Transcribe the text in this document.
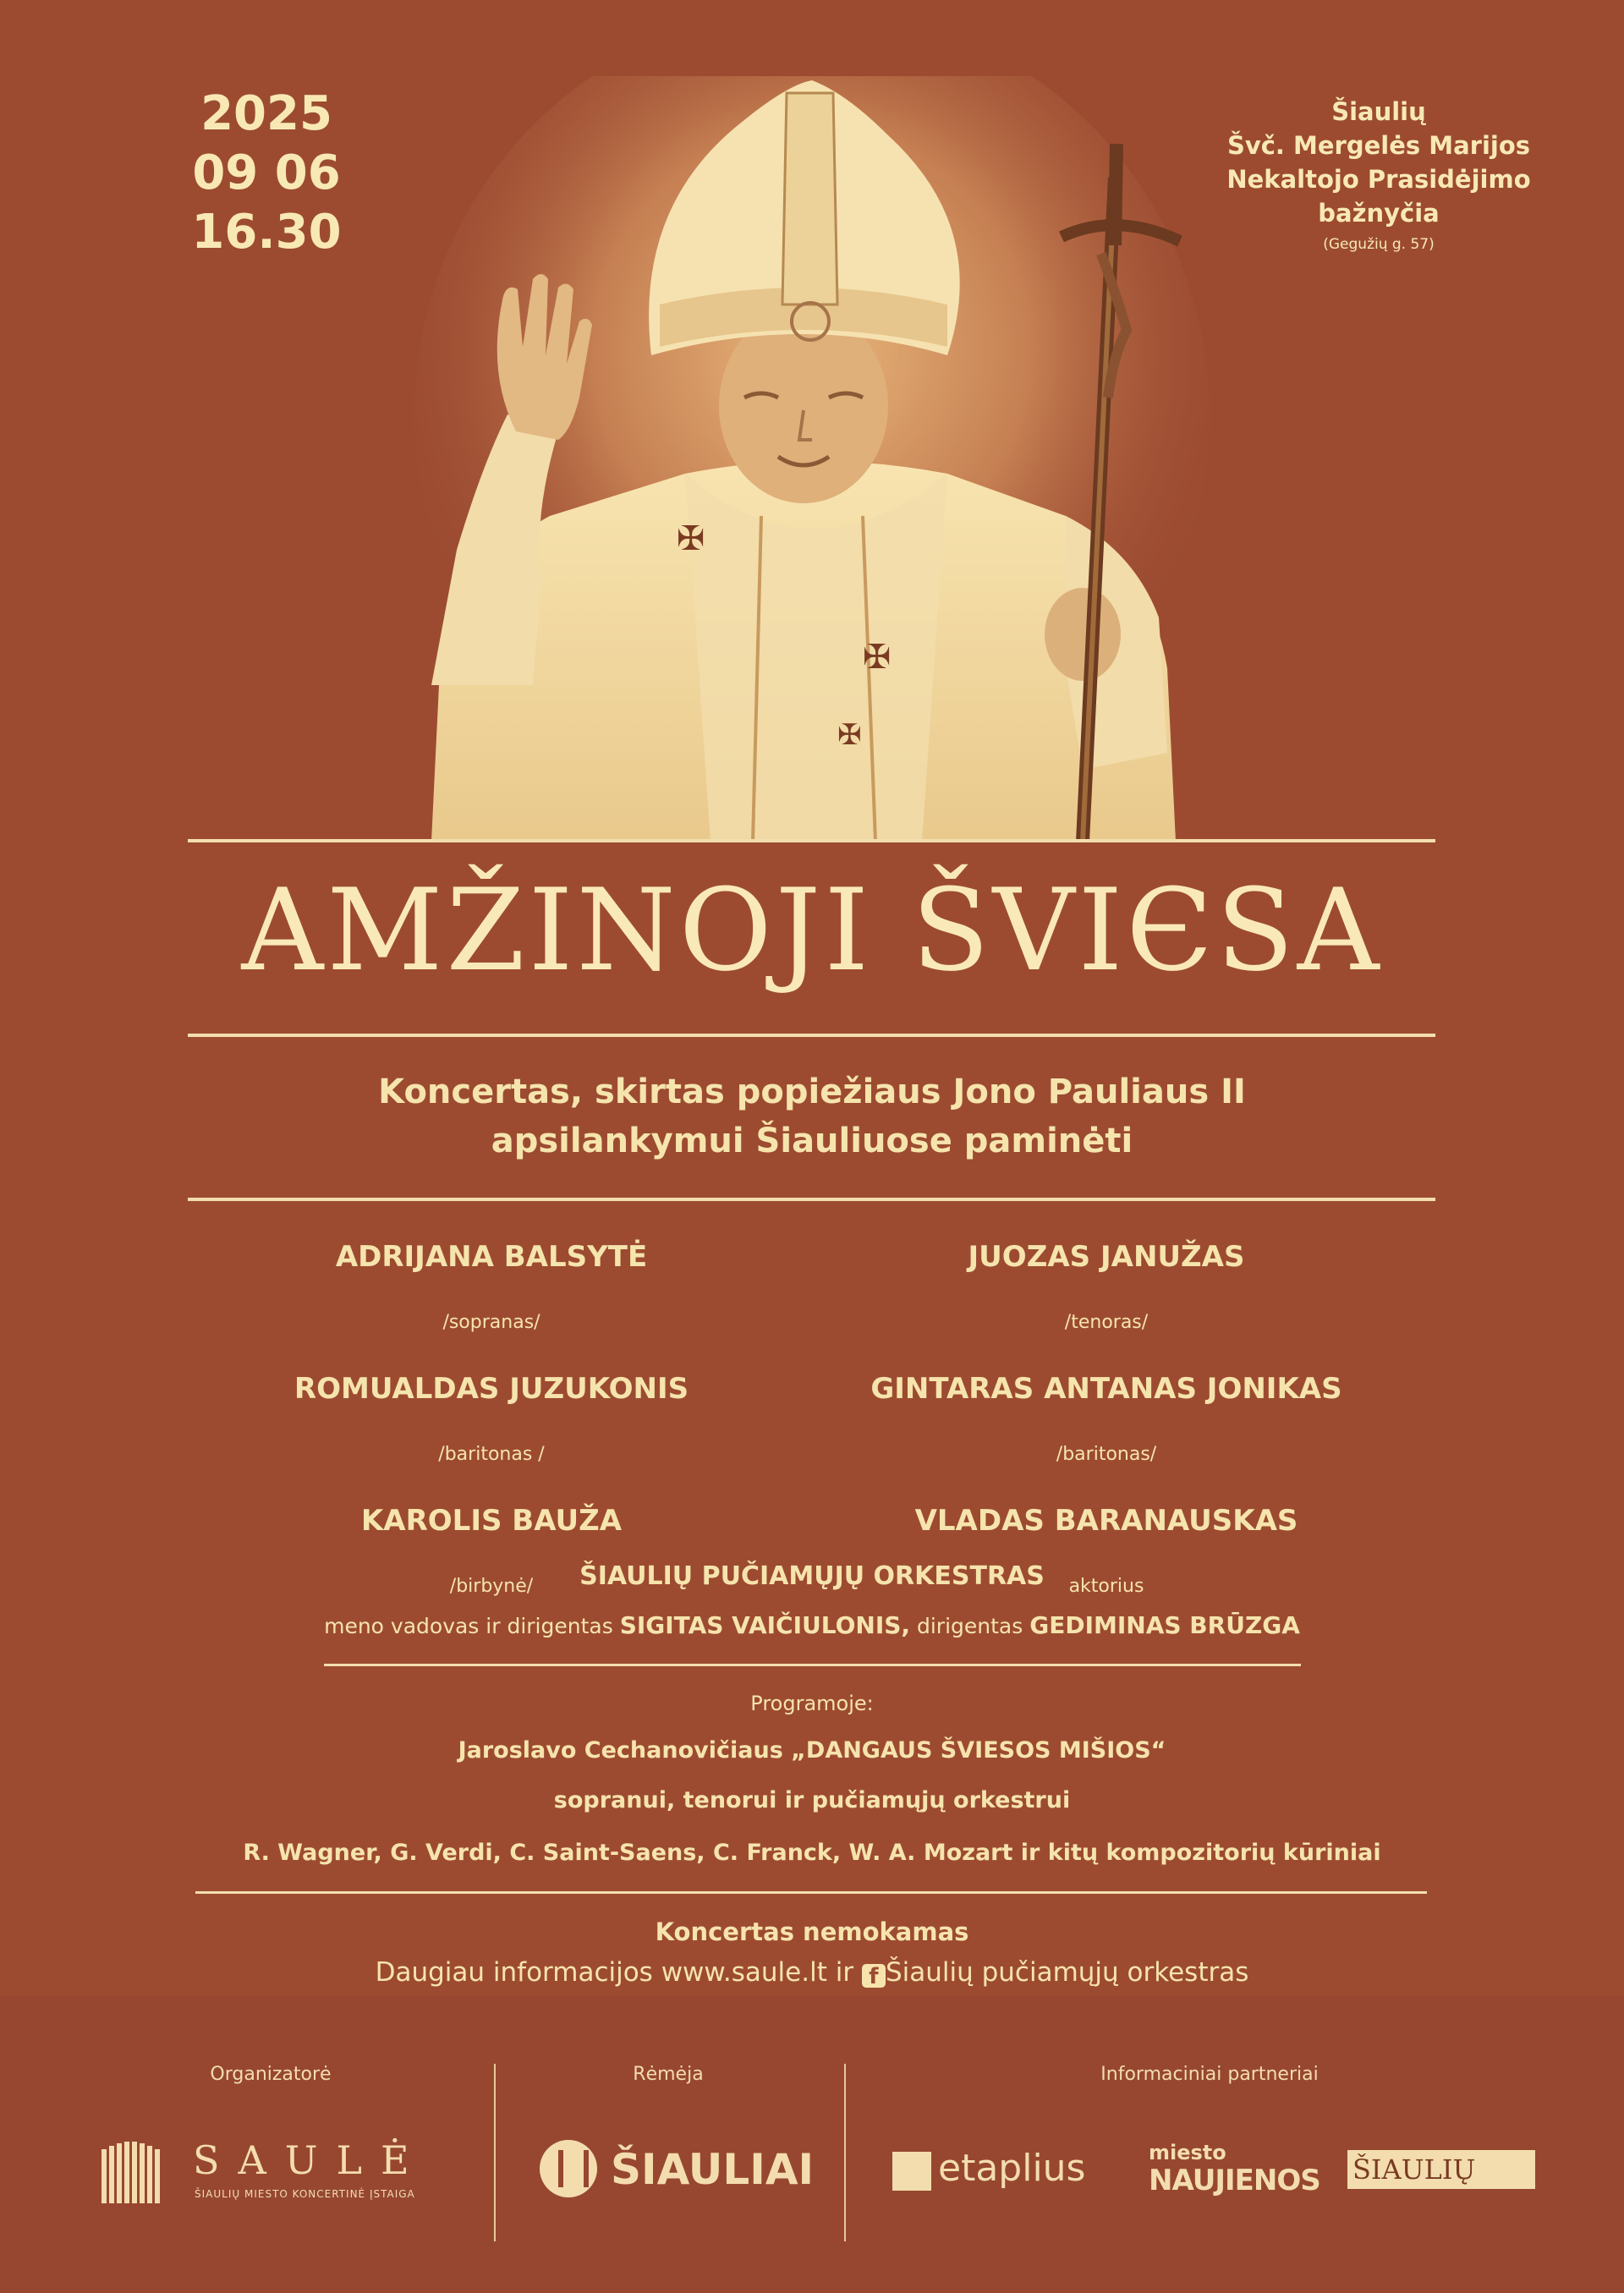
2025
09 06
16.30
Šiaulių
Švč. Mergelės Marijos
Nekaltojo Prasidėjimo
bažnyčia
(Gegužių g. 57)
✠
✠
✠
AMŽINOJI ŠVIЄSA
Koncertas, skirtas popiežiaus Jono Pauliaus II
apsilankymui Šiauliuose paminėti
ADRIJANA BALSYTĖ
/sopranas/
ROMUALDAS JUZUKONIS
/baritonas /
KAROLIS BAUŽA
/birbynė/
JUOZAS JANUŽAS
/tenoras/
GINTARAS ANTANAS JONIKAS
/baritonas/
VLADAS BARANAUSKAS
aktorius
ŠIAULIŲ PUČIAMŲJŲ ORKESTRAS
meno vadovas ir dirigentas SIGITAS VAIČIULONIS, dirigentas GEDIMINAS BRŪZGA
Programoje:
Jaroslavo Cechanovičiaus „DANGAUS ŠVIESOS MIŠIOS“
sopranui, tenorui ir pučiamųjų orkestrui
R. Wagner, G. Verdi, C. Saint-Saens, C. Franck, W. A. Mozart ir kitų kompozitorių kūriniai
Koncertas nemokamas
Daugiau informacijos www.saule.lt ir f Šiaulių pučiamųjų orkestras
Organizatorė	Rėmėja	Informaciniai partneriai
SAULĖ
ŠIAULIŲ MIESTO KONCERTINĖ ĮSTAIGA	ŠIAULIAI	etaplius	miesto
NAUJIENOS ŠIAULIŲ
